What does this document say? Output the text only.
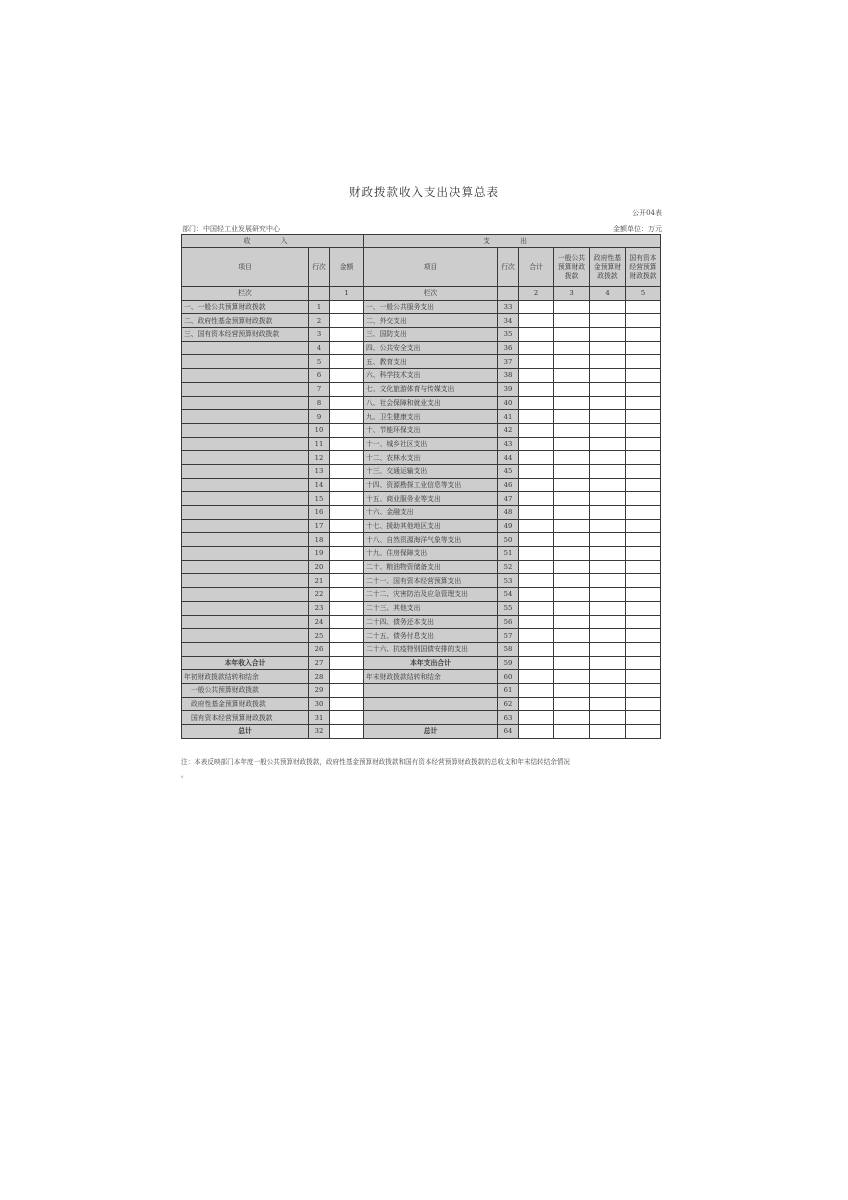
财政拨款收入支出决算总表
公开04表
部门：中国轻工业发展研究中心	金额单位：万元
收 入			支 出					
项目	行次	金额	项目	行次	合计	一般公共预算财政拨款	政府性基金预算财政拨款	国有资本经营预算财政拨款
栏次		1	栏次		2	3	4	5
一、一般公共预算财政拨款	1		一、一般公共服务支出	33				
二、政府性基金预算财政拨款	2		二、外交支出	34				
三、国有资本经营预算财政拨款	3		三、国防支出	35				
	4		四、公共安全支出	36				
	5		五、教育支出	37				
	6		六、科学技术支出	38				
	7		七、文化旅游体育与传媒支出	39				
	8		八、社会保障和就业支出	40				
	9		九、卫生健康支出	41				
	10		十、节能环保支出	42				
	11		十一、城乡社区支出	43				
	12		十二、农林水支出	44				
	13		十三、交通运输支出	45				
	14		十四、资源勘探工业信息等支出	46				
	15		十五、商业服务业等支出	47				
	16		十六、金融支出	48				
	17		十七、援助其他地区支出	49				
	18		十八、自然资源海洋气象等支出	50				
	19		十九、住房保障支出	51				
	20		二十、粮油物资储备支出	52				
	21		二十一、国有资本经营预算支出	53				
	22		二十二、灾害防治及应急管理支出	54				
	23		二十三、其他支出	55				
	24		二十四、债务还本支出	56				
	25		二十五、债务付息支出	57				
	26		二十六、抗疫特别国债安排的支出	58				
本年收入合计	27		本年支出合计	59				
年初财政拨款结转和结余	28		年末财政拨款结转和结余	60				
一般公共预算财政拨款	29			61				
政府性基金预算财政拨款	30			62				
国有资本经营预算财政拨款	31			63				
总计	32		总计	64				
注：本表反映部门本年度一般公共预算财政拨款，政府性基金预算财政拨款和国有资本经营预算财政拨款的总收支和年末结转结余情况
。
